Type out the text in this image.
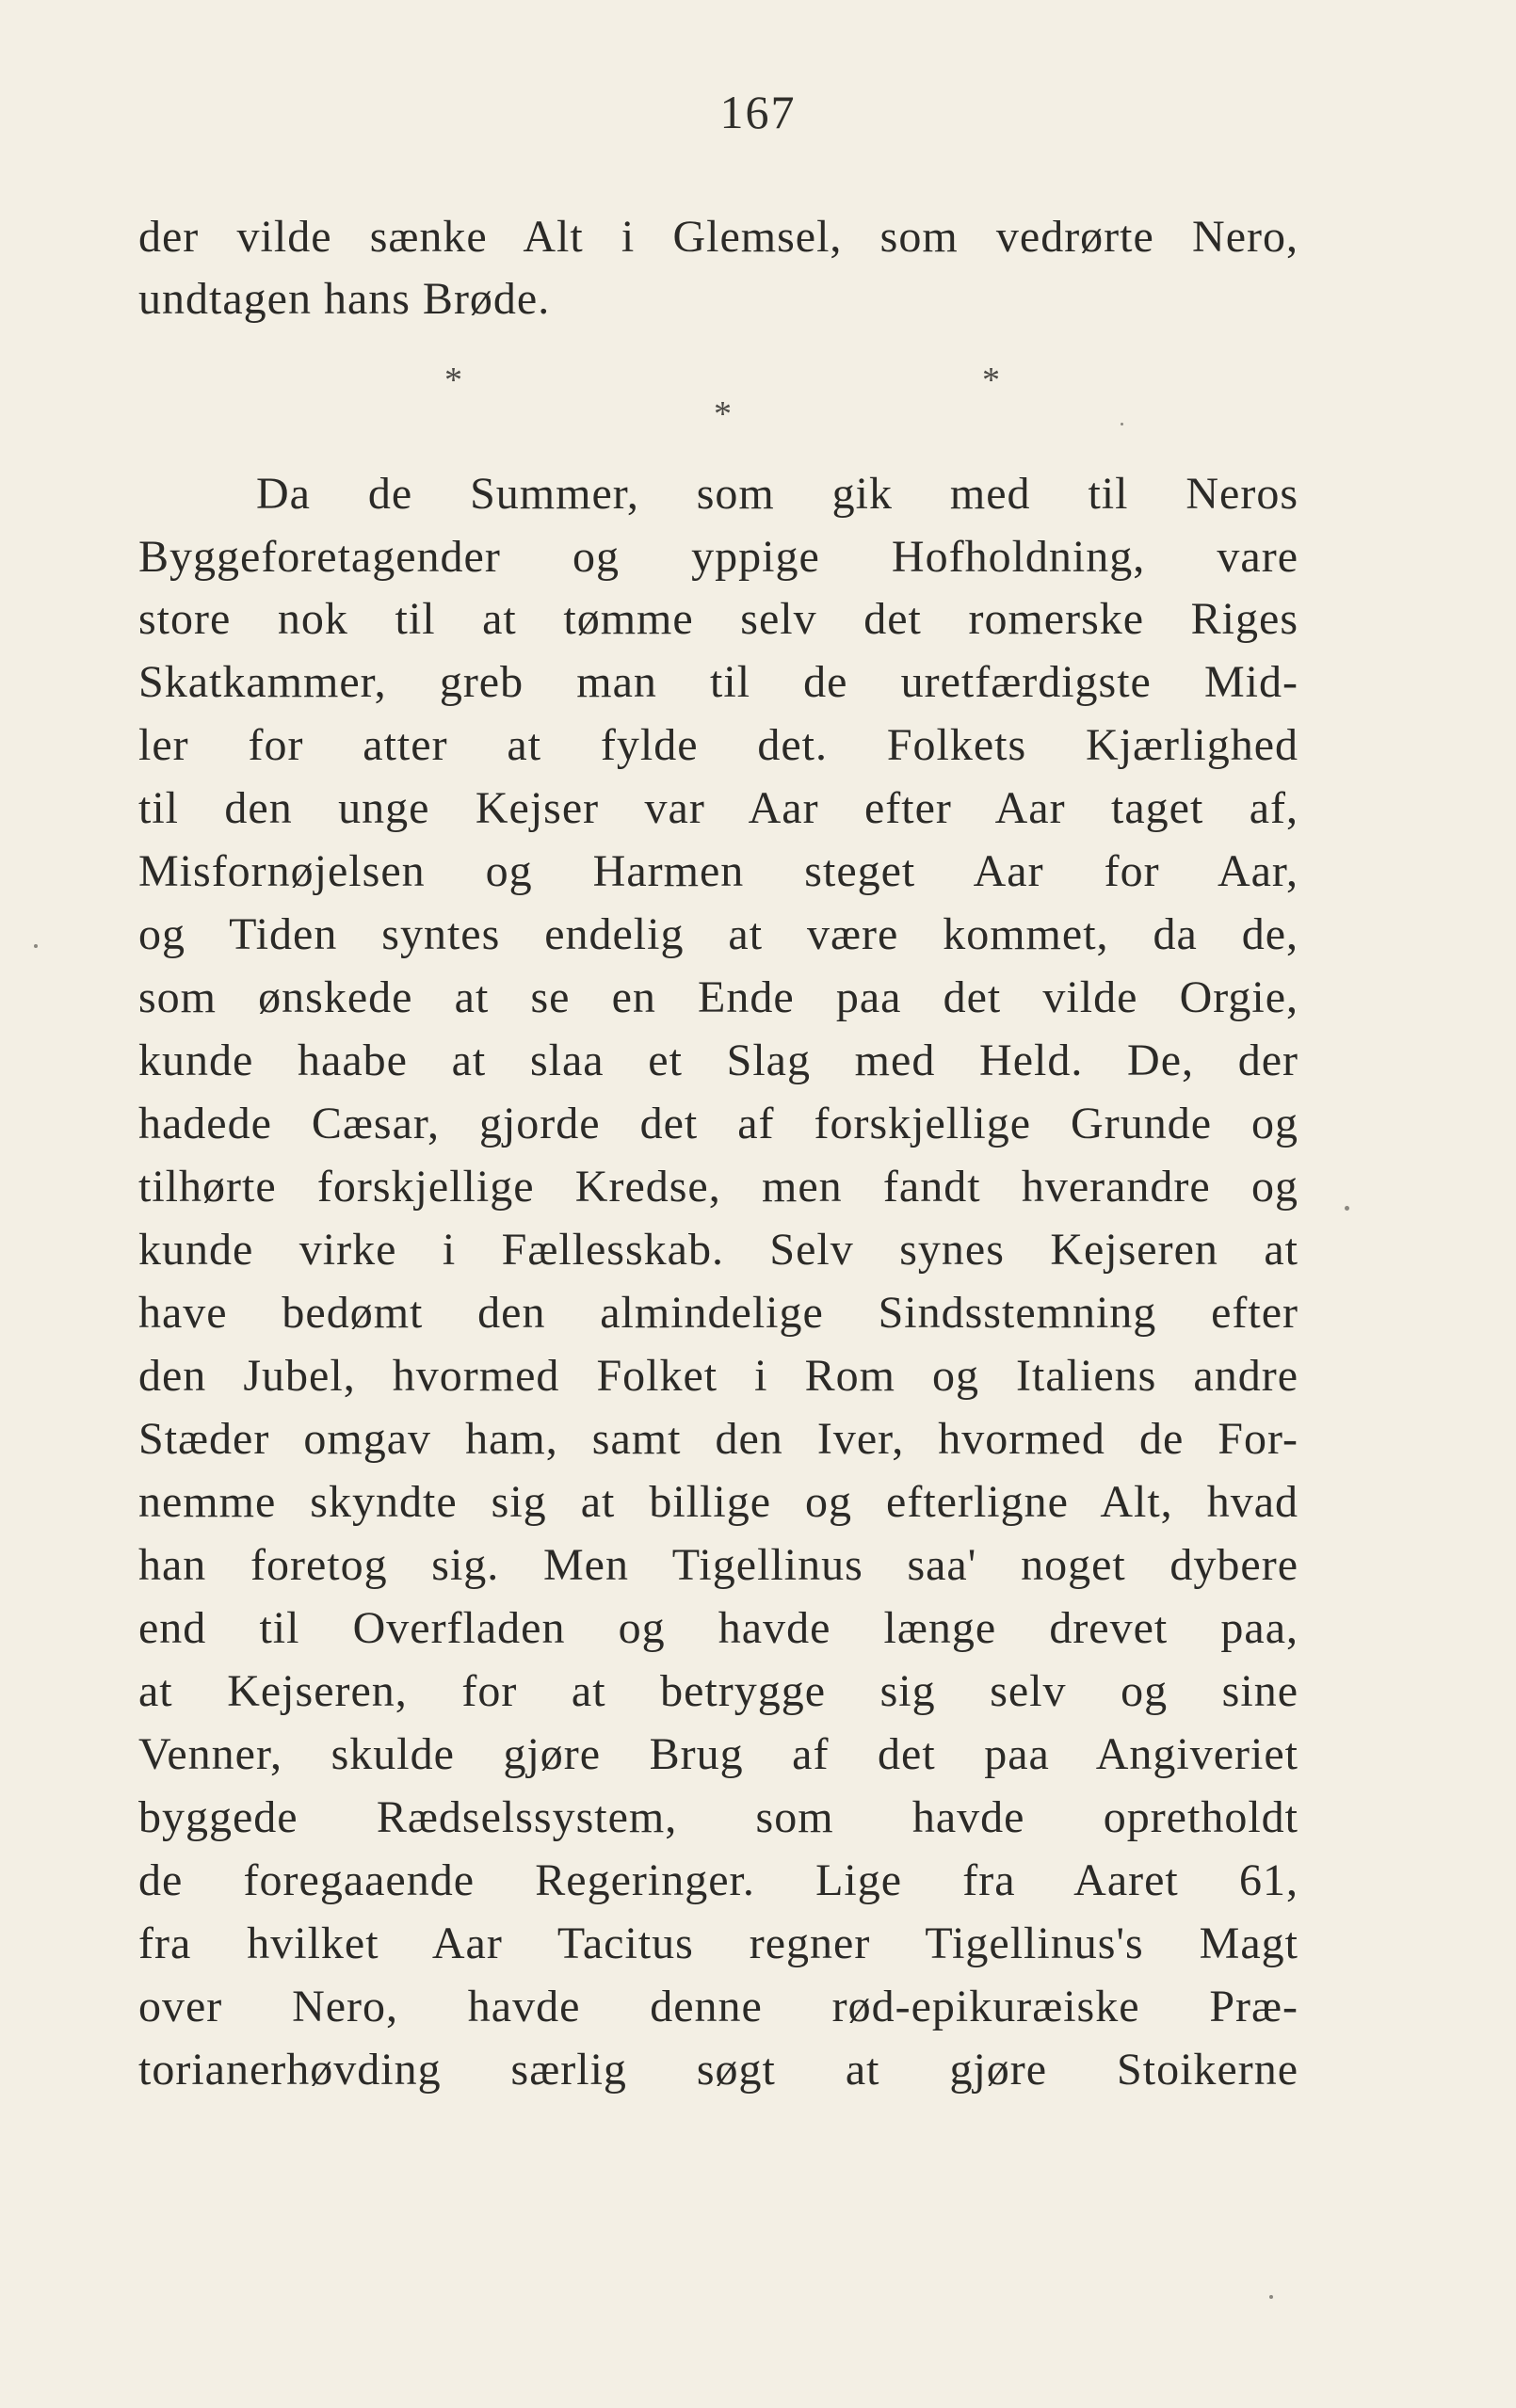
167
der vilde sænke Alt i Glemsel, som vedrørte Nero,
undtagen hans Brøde.
*	*
*
Da de Summer, som gik med til Neros
Byggeforetagender og yppige Hofholdning, vare
store nok til at tømme selv det romerske Riges
Skatkammer, greb man til de uretfærdigste Mid-
ler for atter at fylde det. Folkets Kjærlighed
til den unge Kejser var Aar efter Aar taget af,
Misfornøjelsen og Harmen steget Aar for Aar,
og Tiden syntes endelig at være kommet, da de,
som ønskede at se en Ende paa det vilde Orgie,
kunde haabe at slaa et Slag med Held. De, der
hadede Cæsar, gjorde det af forskjellige Grunde og
tilhørte forskjellige Kredse, men fandt hverandre og
kunde virke i Fællesskab. Selv synes Kejseren at
have bedømt den almindelige Sindsstemning efter
den Jubel, hvormed Folket i Rom og Italiens andre
Stæder omgav ham, samt den Iver, hvormed de For-
nemme skyndte sig at billige og efterligne Alt, hvad
han foretog sig. Men Tigellinus saa' noget dybere
end til Overfladen og havde længe drevet paa,
at Kejseren, for at betrygge sig selv og sine
Venner, skulde gjøre Brug af det paa Angiveriet
byggede Rædselssystem, som havde opretholdt
de foregaaende Regeringer. Lige fra Aaret 61,
fra hvilket Aar Tacitus regner Tigellinus's Magt
over Nero, havde denne rød-epikuræiske Præ-
torianerhøvding særlig søgt at gjøre Stoikerne
